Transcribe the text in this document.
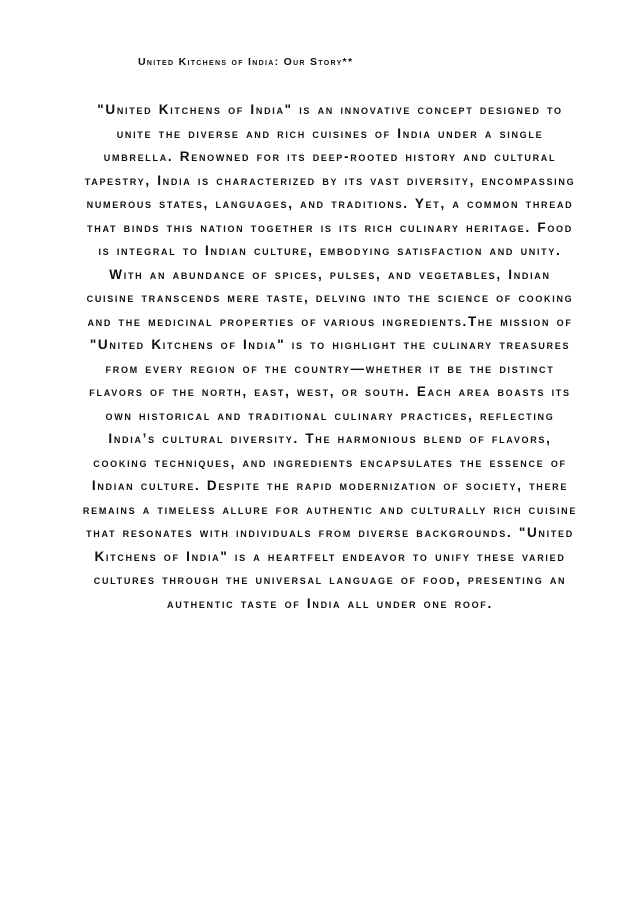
United Kitchens of India: Our Story**

"United Kitchens of India" is an innovative concept designed to unite the diverse and rich cuisines of India under a single umbrella. Renowned for its deep-rooted history and cultural tapestry, India is characterized by its vast diversity, encompassing numerous states, languages, and traditions. Yet, a common thread that binds this nation together is its rich culinary heritage. Food is integral to Indian culture, embodying satisfaction and unity. With an abundance of spices, pulses, and vegetables, Indian cuisine transcends mere taste, delving into the science of cooking and the medicinal properties of various ingredients.The mission of "United Kitchens of India" is to highlight the culinary treasures from every region of the country—whether it be the distinct flavors of the north, east, west, or south. Each area boasts its own historical and traditional culinary practices, reflecting India’s cultural diversity. The harmonious blend of flavors, cooking techniques, and ingredients encapsulates the essence of Indian culture. Despite the rapid modernization of society, there remains a timeless allure for authentic and culturally rich cuisine that resonates with individuals from diverse backgrounds. "United Kitchens of India" is a heartfelt endeavor to unify these varied cultures through the universal language of food, presenting an authentic taste of India all under one roof.
